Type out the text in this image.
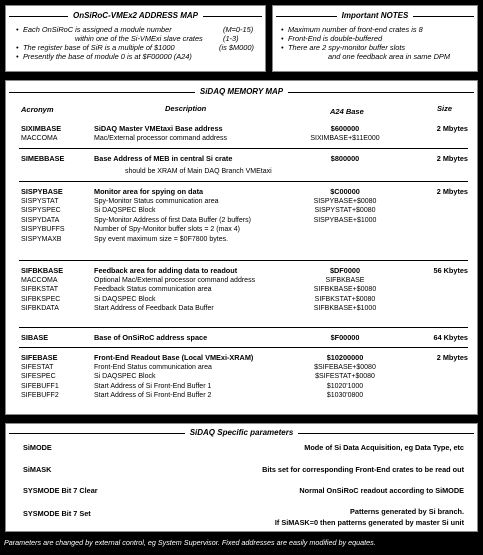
OnSiRoC-VMEx2 ADDRESS MAP
• Each OnSiRoC is assigned a module number	(M=0-15)
within one of the Si-VMExi slave crates	(1-3)
• The register base of SiR is a multiple of $1000	(is $M000)
• Presently the base of module 0 is at $F00000 (A24)
Important NOTES
• Maximum number of front-end crates is 8
• Front-End is double-buffered
• There are 2 spy-monitor buffer slots
and one feedback area in same DPM
SiDAQ MEMORY MAP
Acronym	Description	A24 Base	Size
SIXIMBASE	SiDAQ Master VMEtaxi Base address	$600000	2 Mbytes
MACCOMA	Mac/External processor command address	SIXIMBASE+$11E000
SIMEBBASE	Base Address of MEB in central Si crate	$800000	2 Mbytes
should be XRAM of Main DAQ Branch VMEtaxi
SISPYBASE	Monitor area for spying on data	$C00000	2 Mbytes
SISPYSTAT	Spy-Monitor Status communication area	SISPYBASE+$0080
SISPYSPEC	Si DAQSPEC Block	SISPYSTAT+$0080
SISPYDATA	Spy-Monitor Address of first Data Buffer (2 buffers)	SISPYBASE+$1000
SISPYBUFFS	Number of Spy-Monitor buffer slots = 2 (max 4)
SISPYMAXB	Spy event maximum size = $0F7800 bytes.
SIFBKBASE	Feedback area for adding data to readout	$DF0000	56 Kbytes
MACCOMA	Optional Mac/External processor command address	SIFBKBASE
SIFBKSTAT	Feedback Status communication area	SIFBKBASE+$0080
SIFBKSPEC	Si DAQSPEC Block	SIFBKSTAT+$0080
SIFBKDATA	Start Address of Feedback Data Buffer	SIFBKBASE+$1000
SIBASE	Base of OnSiRoC address space	$F00000	64 Kbytes
SIFEBASE	Front-End Readout Base (Local VMExi-XRAM)	$10200000	2 Mbytes
SIFESTAT	Front-End Status communication area	$SIFEBASE+$0080
SIFESPEC	Si DAQSPEC Block	$SIFESTAT+$0080
SIFEBUFF1	Start Address of Si Front-End Buffer 1	$1020'1000
SIFEBUFF2	Start Address of Si Front-End Buffer 2	$1030'0800
SiDAQ Specific parameters
SiMODE	Mode of Si Data Acquisition, eg Data Type, etc
SiMASK	Bits set for corresponding Front-End crates to be read out
SYSMODE Bit 7 Clear	Normal OnSiRoC readout according to SiMODE
SYSMODE Bit 7 Set	Patterns generated by Si branch.
If SiMASK=0 then patterns generated by master Si unit
Parameters are changed by external control, eg System Supervisor. Fixed addresses are easily modified by equates.
